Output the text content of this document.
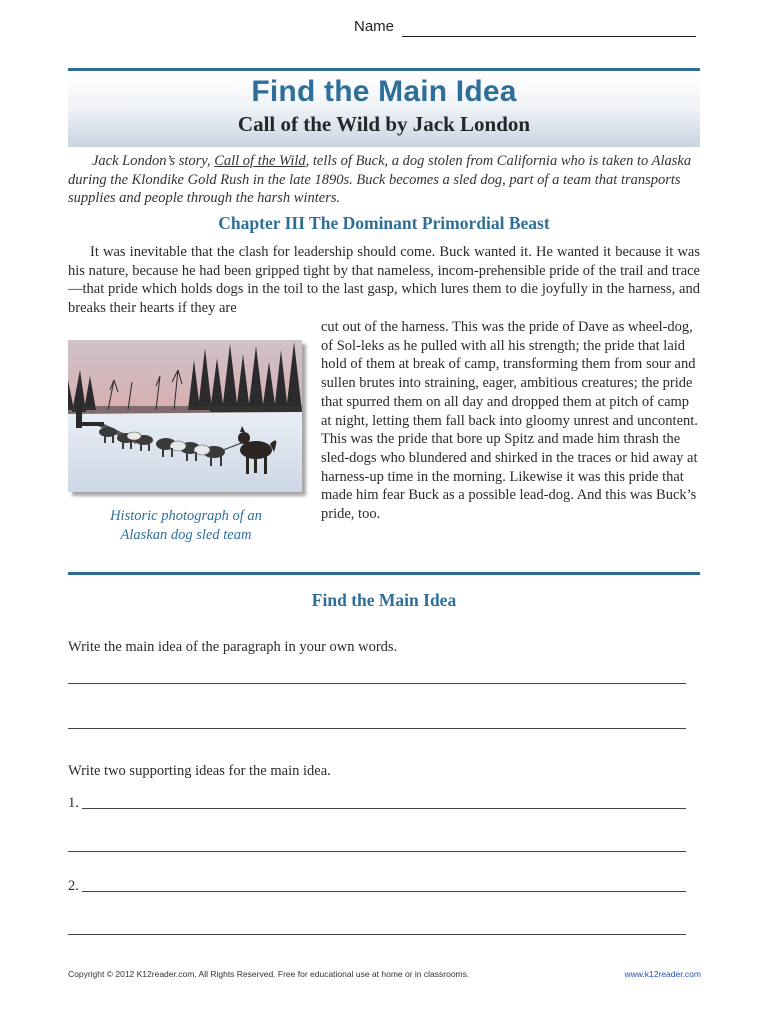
Name
Find the Main Idea
Call of the Wild by Jack London

Jack London’s story, Call of the Wild, tells of Buck, a dog stolen from California who is taken to Alaska during the Klondike Gold Rush in the late 1890s. Buck becomes a sled dog, part of a team that transports supplies and people through the harsh winters.

Chapter III The Dominant Primordial Beast

It was inevitable that the clash for leadership should come. Buck wanted it. He wanted it because it was his nature, because he had been gripped tight by that nameless, incom-prehensible pride of the trail and trace—that pride which holds dogs in the toil to the last gasp, which lures them to die joyfully in the harness, and breaks their hearts if they are

cut out of the harness. This was the pride of Dave as wheel-dog, of Sol-leks as he pulled with all his strength; the pride that laid hold of them at break of camp, transforming them from sour and sullen brutes into straining, eager, ambitious creatures; the pride that spurred them on all day and dropped them at pitch of camp at night, letting them fall back into gloomy unrest and uncontent. This was the pride that bore up Spitz and made him thrash the sled-dogs who blundered and shirked in the traces or hid away at harness-up time in the morning. Likewise it was this pride that made him fear Buck as a possible lead-dog. And this was Buck’s pride, too.

Historic photograph of an
Alaskan dog sled team
Find the Main Idea
Write the main idea of the paragraph in your own words.
Write two supporting ideas for the main idea.
1.
2.
Copyright © 2012 K12reader.com. All Rights Reserved. Free for educational use at home or in classrooms.	www.k12reader.com
